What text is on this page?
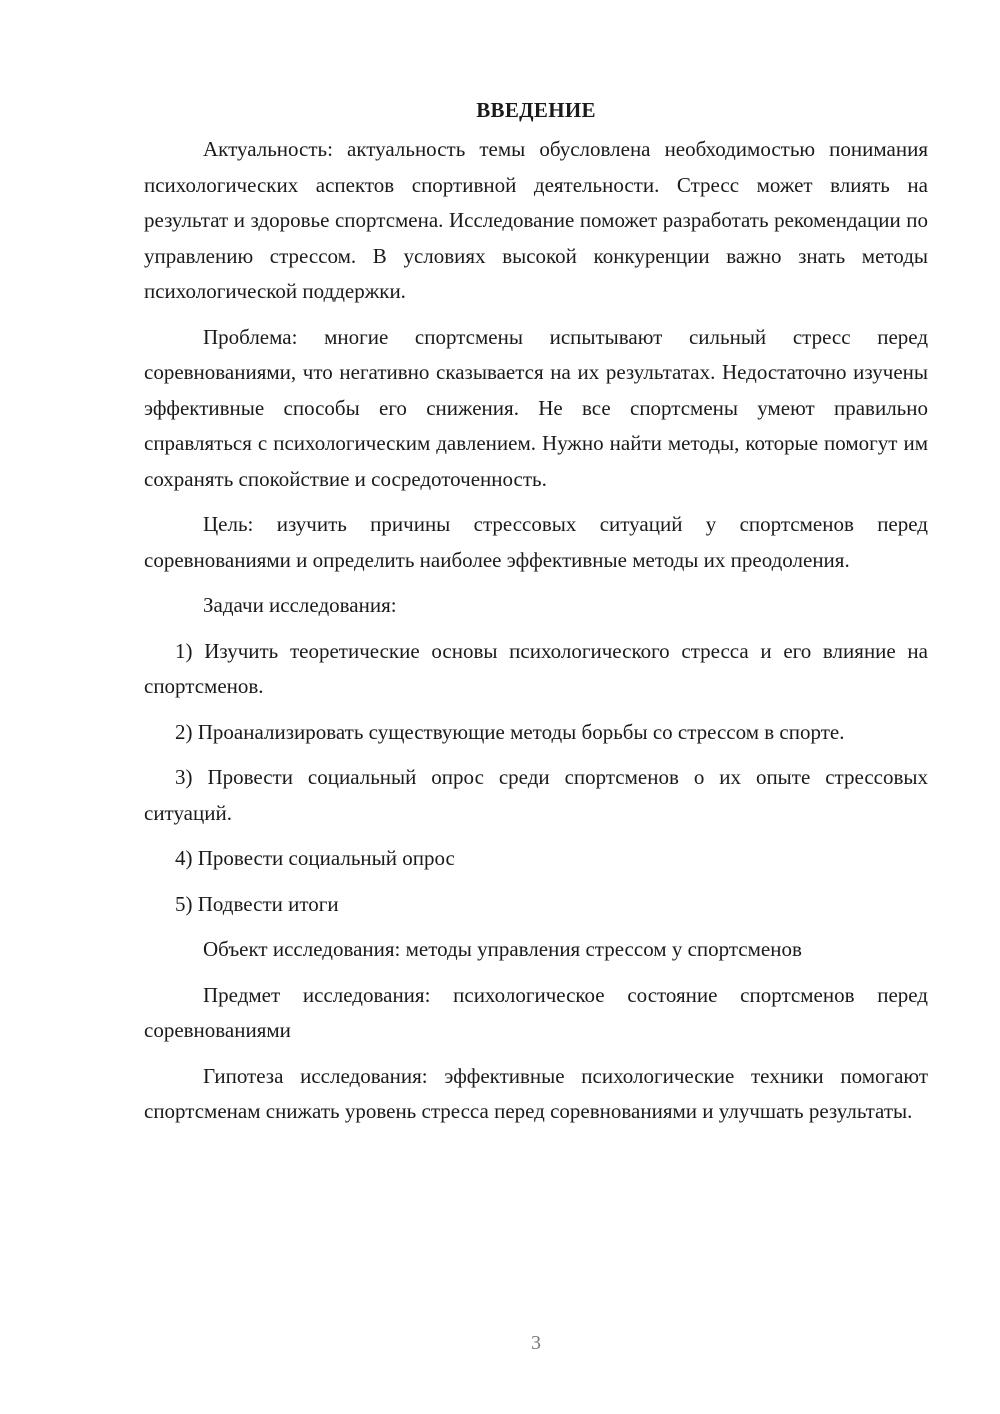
ВВЕДЕНИЕ

Актуальность: актуальность темы обусловлена необходимостью понимания психологических аспектов спортивной деятельности. Стресс может влиять на результат и здоровье спортсмена. Исследование поможет разработать рекомендации по управлению стрессом. В условиях высокой конкуренции важно знать методы психологической поддержки.

Проблема: многие спортсмены испытывают сильный стресс перед соревнованиями, что негативно сказывается на их результатах. Недостаточно изучены эффективные способы его снижения. Не все спортсмены умеют правильно справляться с психологическим давлением. Нужно найти методы, которые помогут им сохранять спокойствие и сосредоточенность.

Цель: изучить причины стрессовых ситуаций у спортсменов перед соревнованиями и определить наиболее эффективные методы их преодоления.

Задачи исследования:

1) Изучить теоретические основы психологического стресса и его влияние на спортсменов.

2) Проанализировать существующие методы борьбы со стрессом в спорте.

3) Провести социальный опрос среди спортсменов о их опыте стрессовых ситуаций.

4) Провести социальный опрос

5) Подвести итоги

Объект исследования: методы управления стрессом у спортсменов

Предмет исследования: психологическое состояние спортсменов перед соревнованиями

Гипотеза исследования: эффективные психологические техники помогают спортсменам снижать уровень стресса перед соревнованиями и улучшать результаты.

3
